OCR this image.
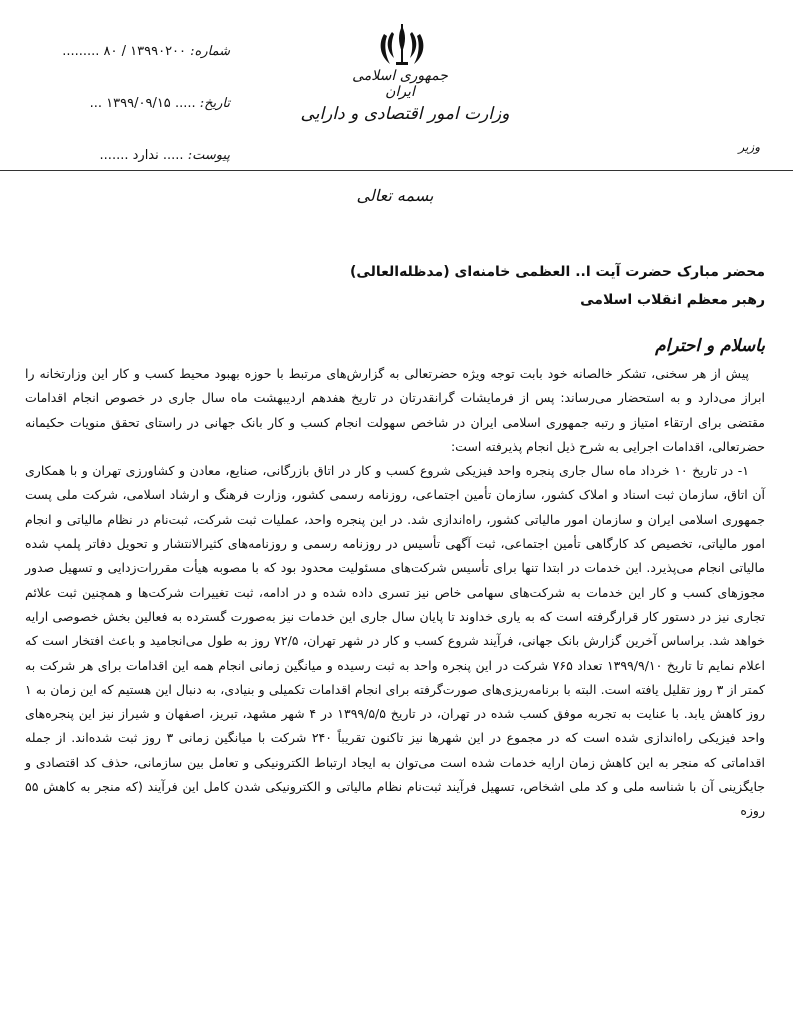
جمهوری اسلامی ایران
وزارت امور اقتصادی و دارایی
وزیر
شماره: ۱۳۹۹۰۲۰۰ / ۸۰ .........
تاریخ: ..... ۱۳۹۹/۰۹/۱۵ ...
پیوست: ..... ندارد .......
بسمه تعالی
محضر مبارک حضرت آیت ا.. العظمی خامنه‌ای (مدظله‌العالی)
رهبر معظم انقلاب اسلامی
باسلام و احترام

پیش از هر سخنی، تشکر خالصانه خود بابت توجه ویژه حضرتعالی به گزارش‌های مرتبط با حوزه بهبود محیط کسب و کار این وزارتخانه را ابراز می‌دارد و به استحضار می‌رساند: پس از فرمایشات گرانقدرتان در تاریخ هفدهم اردیبهشت ماه سال جاری در خصوص انجام اقدامات مقتضی برای ارتقاء امتیاز و رتبه جمهوری اسلامی ایران در شاخص سهولت انجام کسب و کار بانک جهانی در راستای تحقق منویات حکیمانه حضرتعالی، اقدامات اجرایی به شرح ذیل انجام پذیرفته است:

۱- در تاریخ ۱۰ خرداد ماه سال جاری پنجره واحد فیزیکی شروع کسب و کار در اتاق بازرگانی، صنایع، معادن و کشاورزی تهران و با همکاری آن اتاق، سازمان ثبت اسناد و املاک کشور، سازمان تأمین اجتماعی، روزنامه رسمی کشور، وزارت فرهنگ و ارشاد اسلامی، شرکت ملی پست جمهوری اسلامی ایران و سازمان امور مالیاتی کشور، راه‌اندازی شد. در این پنجره واحد، عملیات ثبت شرکت، ثبت‌نام در نظام مالیاتی و انجام امور مالیاتی، تخصیص کد کارگاهی تأمین اجتماعی، ثبت آگهی تأسیس در روزنامه رسمی و روزنامه‌های کثیرالانتشار و تحویل دفاتر پلمپ شده مالیاتی انجام می‌پذیرد. این خدمات در ابتدا تنها برای تأسیس شرکت‌های مسئولیت محدود بود که با مصوبه هیأت مقررات‌زدایی و تسهیل صدور مجوزهای کسب و کار این خدمات به شرکت‌های سهامی خاص نیز تسری داده شده و در ادامه، ثبت تغییرات شرکت‌ها و همچنین ثبت علائم تجاری نیز در دستور کار قرارگرفته است که به یاری خداوند تا پایان سال جاری این خدمات نیز به‌صورت گسترده به فعالین بخش خصوصی ارایه خواهد شد. براساس آخرین گزارش بانک جهانی، فرآیند شروع کسب و کار در شهر تهران، ۷۲/۵ روز به طول می‌انجامید و باعث افتخار است که اعلام نمایم تا تاریخ ۱۳۹۹/۹/۱۰ تعداد ۷۶۵ شرکت در این پنجره واحد به ثبت رسیده و میانگین زمانی انجام همه این اقدامات برای هر شرکت به کمتر از ۳ روز تقلیل یافته است. البته با برنامه‌ریزی‌های صورت‌گرفته برای انجام اقدامات تکمیلی و بنیادی، به دنبال این هستیم که این زمان به ۱ روز کاهش یابد. با عنایت به تجربه موفق کسب شده در تهران، در تاریخ ۱۳۹۹/۵/۵ در ۴ شهر مشهد، تبریز، اصفهان و شیراز نیز این پنجره‌های واحد فیزیکی راه‌اندازی شده است که در مجموع در این شهرها نیز تاکنون تقریباً ۲۴۰ شرکت با میانگین زمانی ۳ روز ثبت شده‌اند. از جمله اقداماتی که منجر به این کاهش زمان ارایه خدمات شده است می‌توان به ایجاد ارتباط الکترونیکی و تعامل بین سازمانی، حذف کد اقتصادی و جایگزینی آن با شناسه ملی و کد ملی اشخاص، تسهیل فرآیند ثبت‌نام نظام مالیاتی و الکترونیکی شدن کامل این فرآیند (که منجر به کاهش ۵۵ روزه
